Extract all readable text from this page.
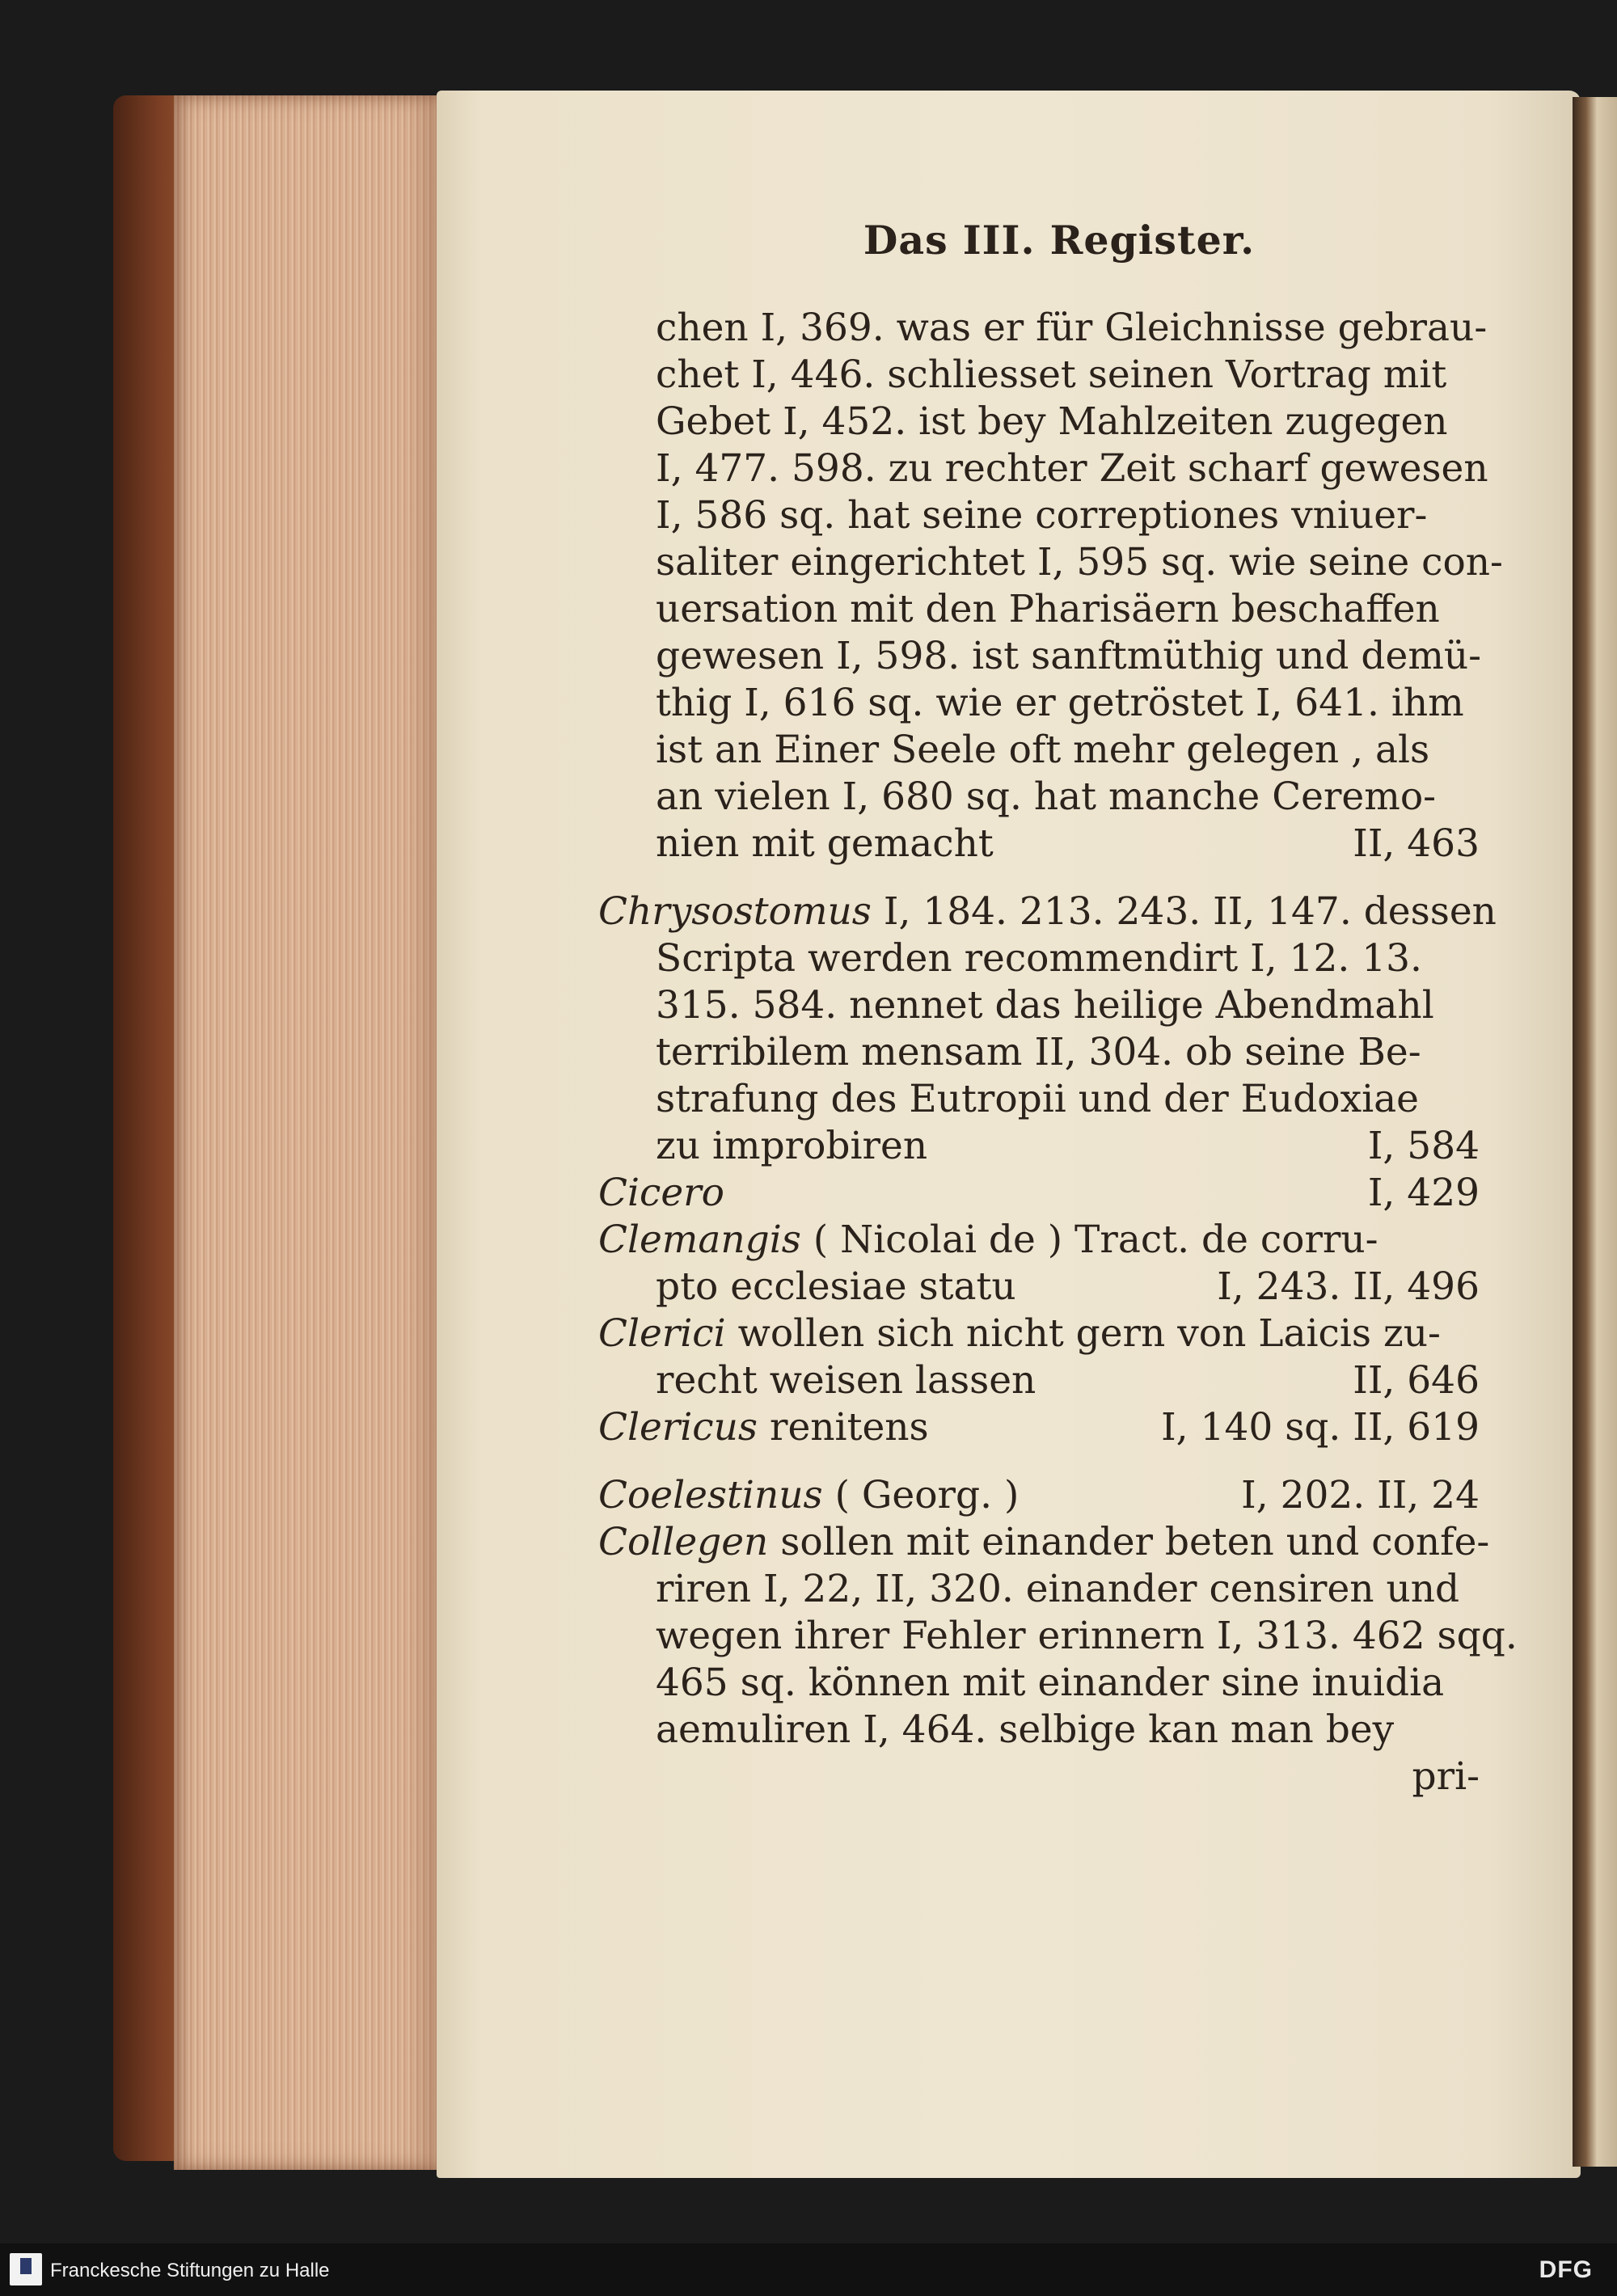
Das III. Register.
chen I, 369. was er für Gleichnisse gebrau-
chet I, 446. schliesset seinen Vortrag mit
Gebet I, 452. ist bey Mahlzeiten zugegen
I, 477. 598. zu rechter Zeit scharf gewesen
I, 586 sq. hat seine correptiones vniuer-
saliter eingerichtet I, 595 sq. wie seine con-
uersation mit den Pharisäern beschaffen
gewesen I, 598. ist sanftmüthig und demü-
thig I, 616 sq. wie er getröstet I, 641. ihm
ist an Einer Seele oft mehr gelegen , als
an vielen I, 680 sq. hat manche Ceremo-
nien mit gemacht	II, 463
Chrysostomus I, 184. 213. 243. II, 147. dessen
Scripta werden recommendirt I, 12. 13.
315. 584. nennet das heilige Abendmahl
terribilem mensam II, 304. ob seine Be-
strafung des Eutropii und der Eudoxiae
zu improbiren	I, 584
Cicero	I, 429
Clemangis ( Nicolai de ) Tract. de corru-
pto ecclesiae statu	I, 243. II, 496
Clerici wollen sich nicht gern von Laicis zu-
recht weisen lassen	II, 646
Clericus renitens	I, 140 sq. II, 619
Coelestinus ( Georg. )	I, 202. II, 24
Collegen sollen mit einander beten und confe-
riren I, 22, II, 320. einander censiren und
wegen ihrer Fehler erinnern I, 313. 462 sqq.
465 sq. können mit einander sine inuidia
aemuliren I, 464. selbige kan man bey
pri-
Franckesche Stiftungen zu Halle	DFG
